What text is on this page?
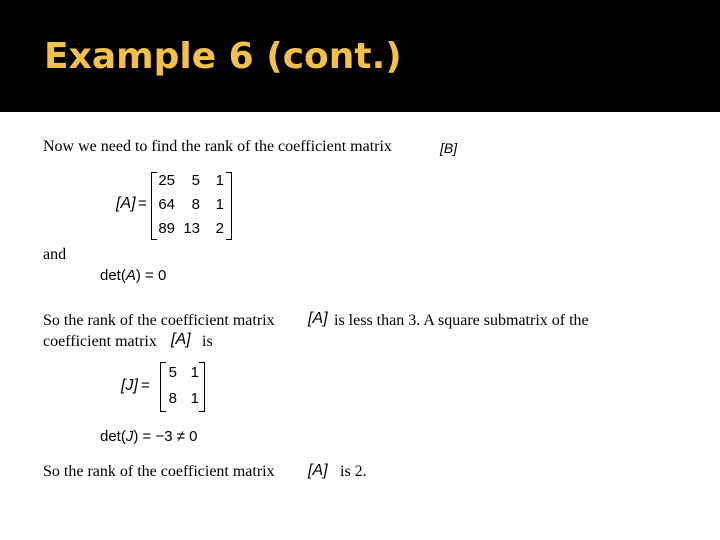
Example 6 (cont.)
Now we need to find the rank of the coefficient matrix	[B]
[A] =
25	5	1
64	8	1
89 13	2
and
det(A) = 0
So the rank of the coefficient matrix [A] is less than 3. A square submatrix of the
coefficient matrix [A] is
[J] =
5 1
8 1
det(J) = −3 ≠ 0
So the rank of the coefficient matrix [A] is 2.
